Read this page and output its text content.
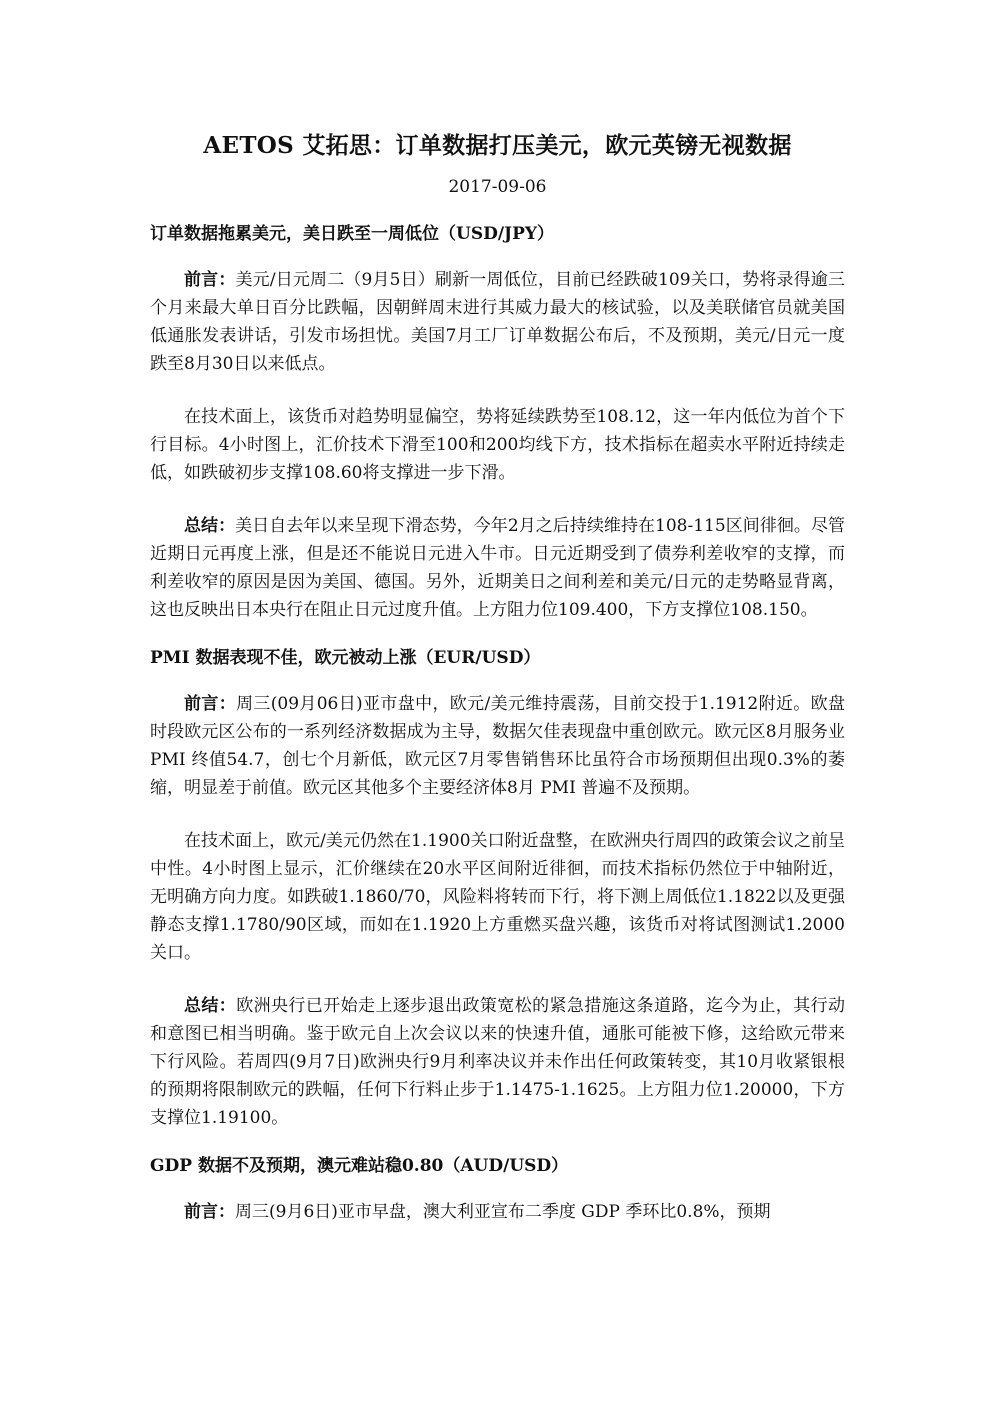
AETOS 艾拓思：订单数据打压美元，欧元英镑无视数据
2017-09-06
订单数据拖累美元，美日跌至一周低位（USD/JPY）

前言：美元/日元周二（9月5日）刷新一周低位，目前已经跌破109关口，势将录得逾三个月来最大单日百分比跌幅，因朝鲜周末进行其威力最大的核试验，以及美联储官员就美国低通胀发表讲话，引发市场担忧。美国7月工厂订单数据公布后，不及预期，美元/日元一度跌至8月30日以来低点。

在技术面上，该货币对趋势明显偏空，势将延续跌势至108.12，这一年内低位为首个下行目标。4小时图上，汇价技术下滑至100和200均线下方，技术指标在超卖水平附近持续走低，如跌破初步支撑108.60将支撑进一步下滑。

总结：美日自去年以来呈现下滑态势，今年2月之后持续维持在108-115区间徘徊。尽管近期日元再度上涨，但是还不能说日元进入牛市。日元近期受到了债券利差收窄的支撑，而利差收窄的原因是因为美国、德国。另外，近期美日之间利差和美元/日元的走势略显背离，这也反映出日本央行在阻止日元过度升值。上方阻力位109.400，下方支撑位108.150。

PMI 数据表现不佳，欧元被动上涨（EUR/USD）

前言：周三(09月06日)亚市盘中，欧元/美元维持震荡，目前交投于1.1912附近。欧盘时段欧元区公布的一系列经济数据成为主导，数据欠佳表现盘中重创欧元。欧元区8月服务业 PMI 终值54.7，创七个月新低，欧元区7月零售销售环比虽符合市场预期但出现0.3%的萎缩，明显差于前值。欧元区其他多个主要经济体8月 PMI 普遍不及预期。

在技术面上，欧元/美元仍然在1.1900关口附近盘整，在欧洲央行周四的政策会议之前呈中性。4小时图上显示，汇价继续在20水平区间附近徘徊，而技术指标仍然位于中轴附近，无明确方向力度。如跌破1.1860/70，风险料将转而下行，将下测上周低位1.1822以及更强静态支撑1.1780/90区域，而如在1.1920上方重燃买盘兴趣，该货币对将试图测试1.2000关口。

总结：欧洲央行已开始走上逐步退出政策宽松的紧急措施这条道路，迄今为止，其行动和意图已相当明确。鉴于欧元自上次会议以来的快速升值，通胀可能被下修，这给欧元带来下行风险。若周四(9月7日)欧洲央行9月利率决议并未作出任何政策转变，其10月收紧银根的预期将限制欧元的跌幅，任何下行料止步于1.1475-1.1625。上方阻力位1.20000，下方支撑位1.19100。

GDP 数据不及预期，澳元难站稳0.80（AUD/USD）

前言：周三(9月6日)亚市早盘，澳大利亚宣布二季度 GDP 季环比0.8%，预期
